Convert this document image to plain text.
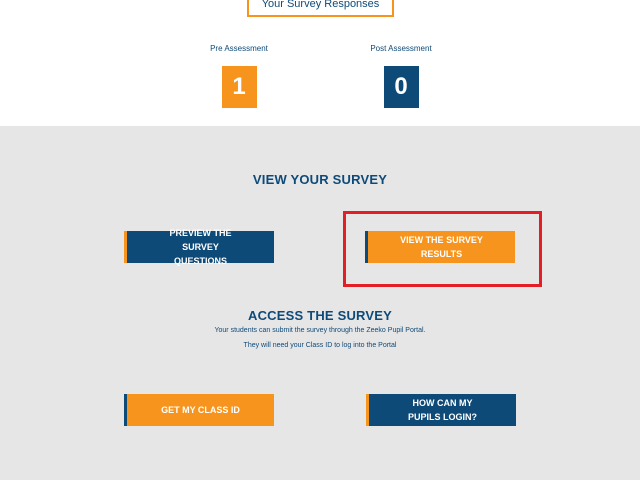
Your Survey Responses
Pre Assessment
1
Post Assessment
0
VIEW YOUR SURVEY
PREVIEW THE SURVEY QUESTIONS
VIEW THE SURVEY RESULTS
ACCESS THE SURVEY
Your students can submit the survey through the Zeeko Pupil Portal.
They will need your Class ID to log into the Portal
GET MY CLASS ID
HOW CAN MY PUPILS LOGIN?
